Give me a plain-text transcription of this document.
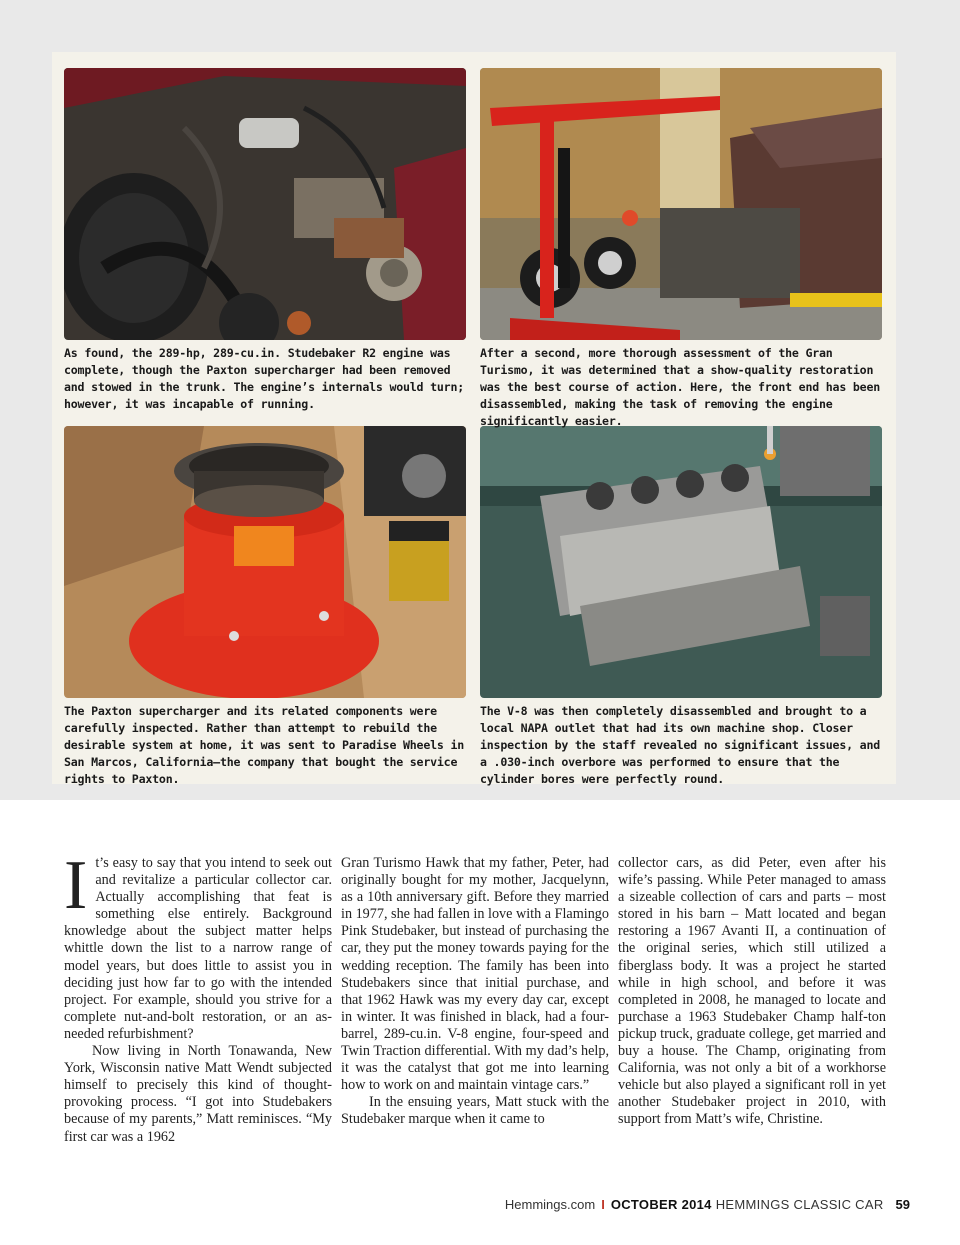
As found, the 289-hp, 289-cu.in. Studebaker R2 engine was complete, though the Paxton supercharger had been removed and stowed in the trunk. The engine’s internals would turn; however, it was incapable of running.
After a second, more thorough assessment of the Gran Turismo, it was determined that a show-quality restoration was the best course of action. Here, the front end has been disassembled, making the task of removing the engine significantly easier.
The Paxton supercharger and its related components were carefully inspected. Rather than attempt to rebuild the desirable system at home, it was sent to Paradise Wheels in San Marcos, California—the company that bought the service rights to Paxton.
The V-8 was then completely disassembled and brought to a local NAPA outlet that had its own machine shop. Closer inspection by the staff revealed no significant issues, and a .030-inch overbore was performed to ensure that the cylinder bores were perfectly round.
I t’s easy to say that you intend to seek out and revitalize a particular collector car. Actually accomplishing that feat is something else entirely. Background knowledge about the subject matter helps whittle down the list to a narrow range of model years, but does little to assist you in deciding just how far to go with the intended project. For example, should you strive for a complete nut-and-bolt restoration, or an as-needed refurbishment?

Now living in North Tonawanda, New York, Wisconsin native Matt Wendt subjected himself to precisely this kind of thought-provoking process. “I got into Studebakers because of my parents,” Matt reminisces. “My first car was a 1962

Gran Turismo Hawk that my father, Peter, had originally bought for my mother, Jacquelynn, as a 10th anniversary gift. Before they married in 1977, she had fallen in love with a Flamingo Pink Studebaker, but instead of purchasing the car, they put the money towards paying for the wedding reception. The family has been into Studebakers since that initial purchase, and that 1962 Hawk was my every day car, except in winter. It was finished in black, had a four-barrel, 289-cu.in. V-8 engine, four-speed and Twin Traction differential. With my dad’s help, it was the catalyst that got me into learning how to work on and maintain vintage cars.”

In the ensuing years, Matt stuck with the Studebaker marque when it came to

collector cars, as did Peter, even after his wife’s passing. While Peter managed to amass a sizeable collection of cars and parts – most stored in his barn – Matt located and began restoring a 1967 Avanti II, a continuation of the original series, which still utilized a fiberglass body. It was a project he started while in high school, and before it was completed in 2008, he managed to locate and purchase a 1963 Studebaker Champ half-ton pickup truck, graduate college, get married and buy a house. The Champ, originating from California, was not only a bit of a workhorse vehicle but also played a significant roll in yet another Studebaker project in 2010, with support from Matt’s wife, Christine.

Hemmings.com I OCTOBER 2014 HEMMINGS CLASSIC CAR 59
